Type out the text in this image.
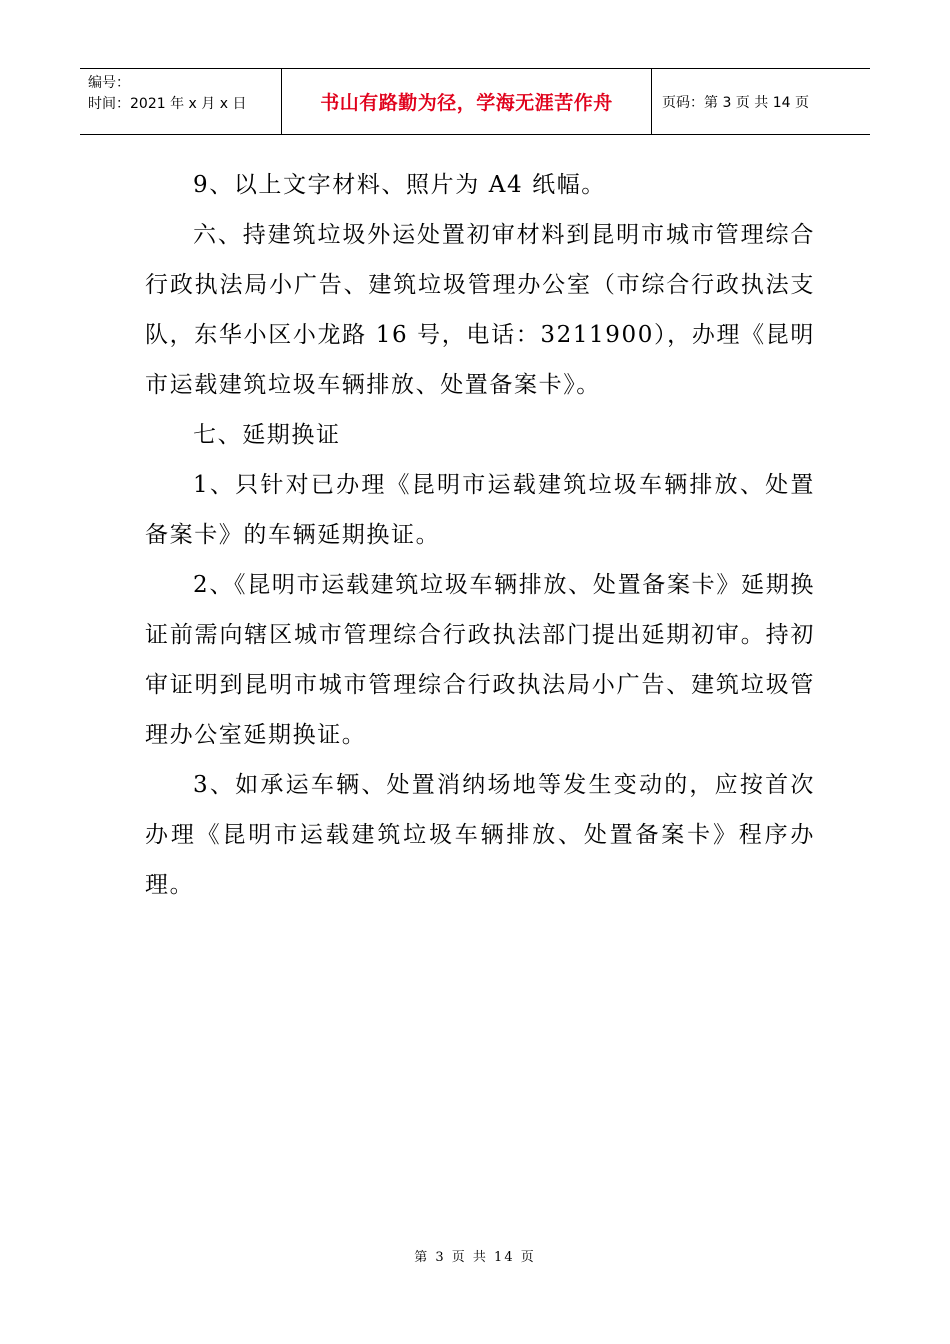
编号：
时间：2021 年 x 月 x 日	书山有路勤为径，学海无涯苦作舟	页码：第 3 页 共 14 页

9、以上文字材料、照片为 A4 纸幅。

六、持建筑垃圾外运处置初审材料到昆明市城市管理综合行政执法局小广告、建筑垃圾管理办公室（市综合行政执法支队，东华小区小龙路 16 号，电话：3211900），办理《昆明市运载建筑垃圾车辆排放、处置备案卡》。

七、延期换证

1、只针对已办理《昆明市运载建筑垃圾车辆排放、处置备案卡》的车辆延期换证。

2、《昆明市运载建筑垃圾车辆排放、处置备案卡》延期换证前需向辖区城市管理综合行政执法部门提出延期初审。持初审证明到昆明市城市管理综合行政执法局小广告、建筑垃圾管理办公室延期换证。

3、如承运车辆、处置消纳场地等发生变动的，应按首次办理《昆明市运载建筑垃圾车辆排放、处置备案卡》程序办理。

第 3 页 共 14 页
